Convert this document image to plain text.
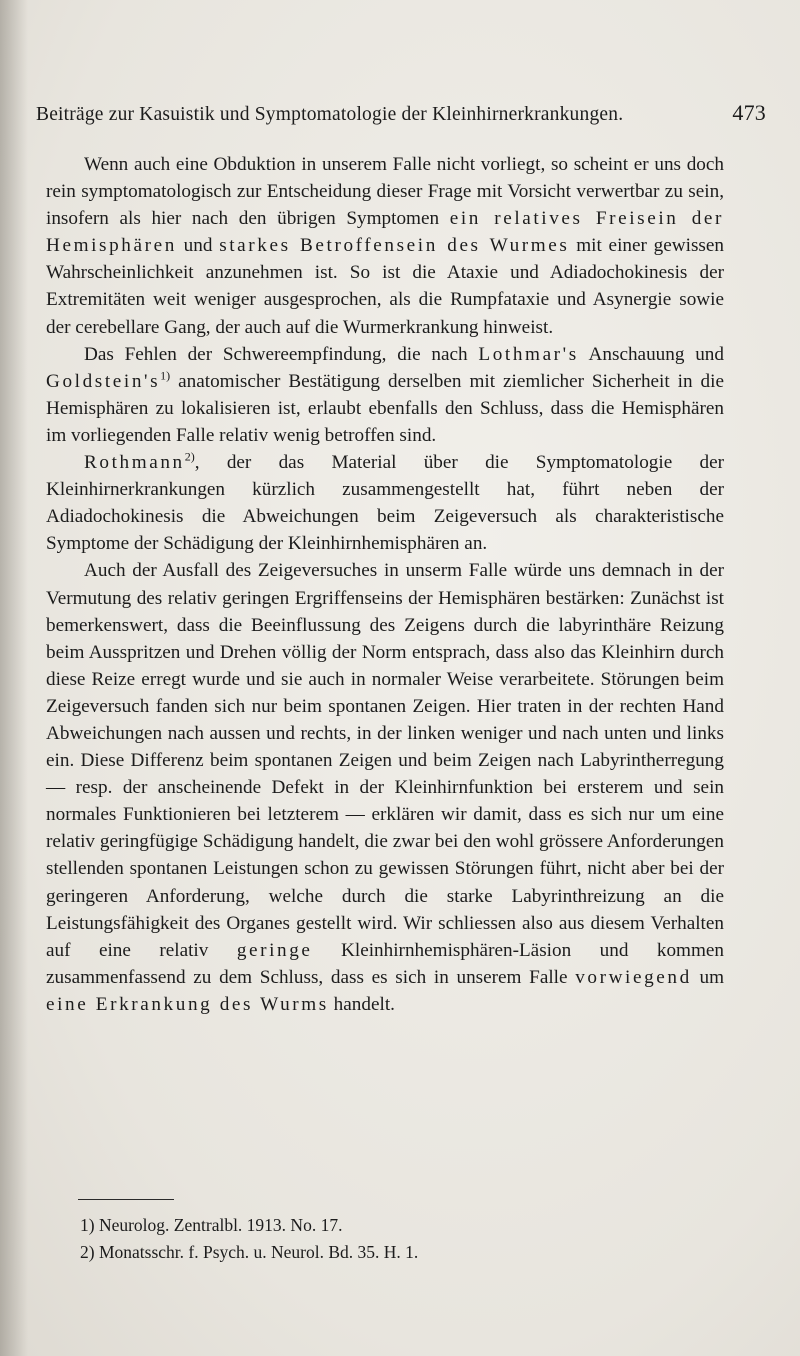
Beiträge zur Kasuistik und Symptomatologie der Kleinhirnerkrankungen.	473

Wenn auch eine Obduktion in unserem Falle nicht vorliegt, so scheint er uns doch rein symptomatologisch zur Entscheidung dieser Frage mit Vorsicht verwertbar zu sein, insofern als hier nach den übrigen Symptomen ein relatives Freisein der Hemisphären und starkes Betroffensein des Wurmes mit einer gewissen Wahrscheinlichkeit anzunehmen ist. So ist die Ataxie und Adiadochokinesis der Extremitäten weit weniger ausgesprochen, als die Rumpfataxie und Asynergie sowie der cerebellare Gang, der auch auf die Wurmerkrankung hinweist.

Das Fehlen der Schwereempfindung, die nach Lothmar's Anschauung und $Goldstein's^{1)}$ anatomischer Bestätigung derselben mit ziemlicher Sicherheit in die Hemisphären zu lokalisieren ist, erlaubt ebenfalls den Schluss, dass die Hemisphären im vorliegenden Falle relativ wenig betroffen sind.

Rothmann$^{2)}$, der das Material über die Symptomatologie der Kleinhirnerkrankungen kürzlich zusammengestellt hat, führt neben der Adiadochokinesis die Abweichungen beim Zeigeversuch als charakteristische Symptome der Schädigung der Kleinhirnhemisphären an.

Auch der Ausfall des Zeigeversuches in unserm Falle würde uns demnach in der Vermutung des relativ geringen Ergriffenseins der Hemisphären bestärken: Zunächst ist bemerkenswert, dass die Beeinflussung des Zeigens durch die labyrinthäre Reizung beim Ausspritzen und Drehen völlig der Norm entsprach, dass also das Kleinhirn durch diese Reize erregt wurde und sie auch in normaler Weise verarbeitete. Störungen beim Zeigeversuch fanden sich nur beim spontanen Zeigen. Hier traten in der rechten Hand Abweichungen nach aussen und rechts, in der linken weniger und nach unten und links ein. Diese Differenz beim spontanen Zeigen und beim Zeigen nach Labyrintherregung — resp. der anscheinende Defekt in der Kleinhirnfunktion bei ersterem und sein normales Funktionieren bei letzterem — erklären wir damit, dass es sich nur um eine relativ geringfügige Schädigung handelt, die zwar bei den wohl grössere Anforderungen stellenden spontanen Leistungen schon zu gewissen Störungen führt, nicht aber bei der geringeren Anforderung, welche durch die starke Labyrinthreizung an die Leistungsfähigkeit des Organes gestellt wird. Wir schliessen also aus diesem Verhalten auf eine relativ geringe Kleinhirnhemisphären-Läsion und kommen zusammenfassend zu dem Schluss, dass es sich in unserem Falle vorwiegend um eine Erkrankung des Wurms handelt.

1) Neurolog. Zentralbl. 1913. No. 17.
2) Monatsschr. f. Psych. u. Neurol. Bd. 35. H. 1.
